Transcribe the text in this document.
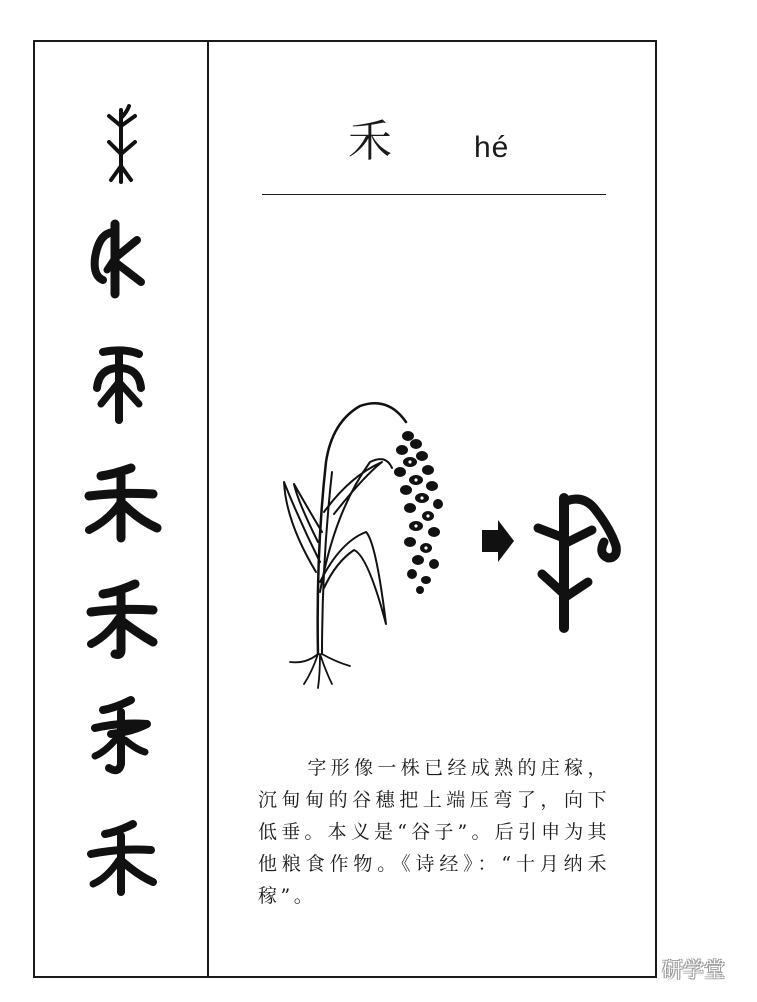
禾	hé
字形像一株已经成熟的庄稼，沉甸甸的谷穗把上端压弯了，向下低垂。本义是“谷子”。后引申为其他粮食作物。《诗经》：“十月纳禾稼”。
研学堂
